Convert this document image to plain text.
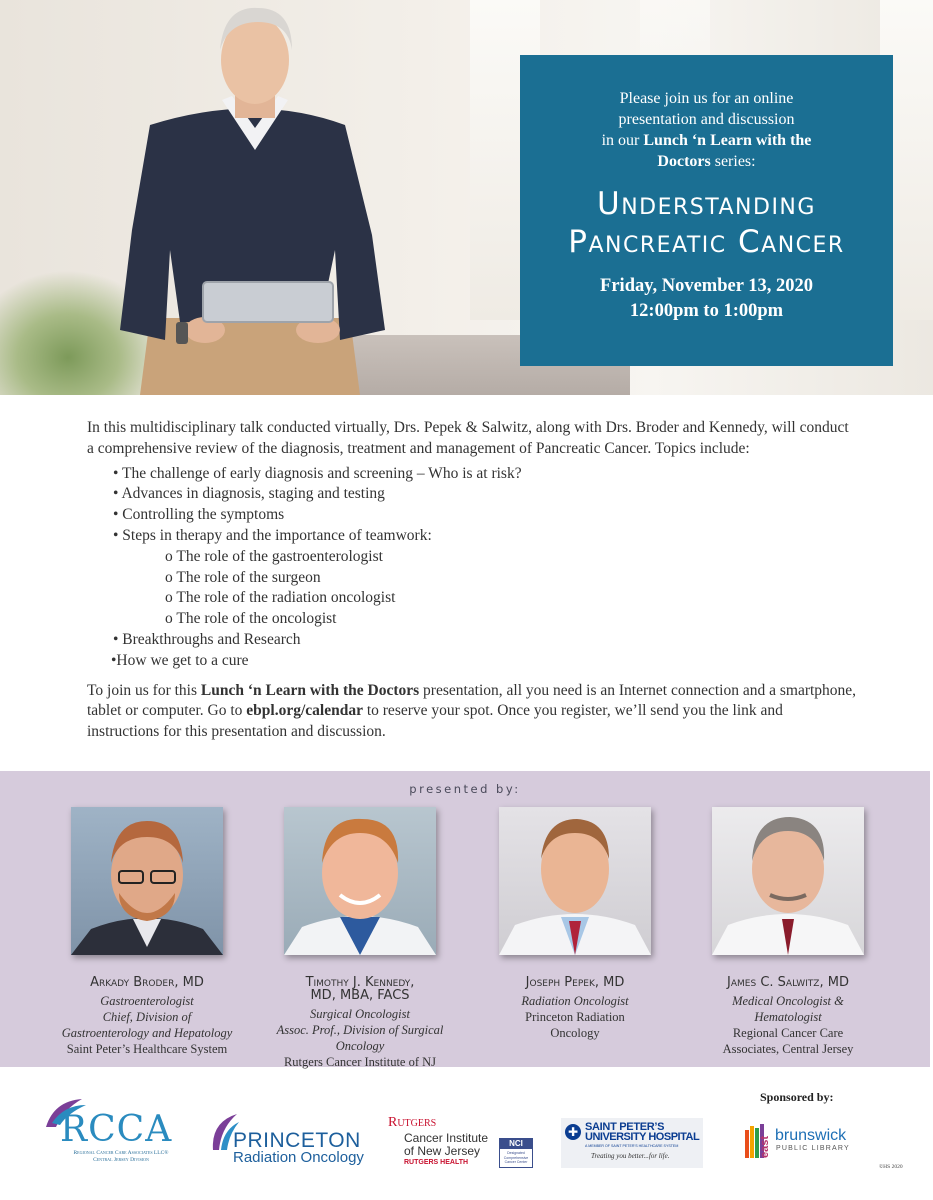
Please join us for an online
presentation and discussion
in our Lunch ‘n Learn with the
Doctors series:
Understanding
Pancreatic Cancer
Friday, November 13, 2020
12:00pm to 1:00pm

In this multidisciplinary talk conducted virtually, Drs. Pepek & Salwitz, along with Drs. Broder and Kennedy, will conduct a comprehensive review of the diagnosis, treatment and management of Pancreatic Cancer. Topics include:

• The challenge of early diagnosis and screening – Who is at risk?
• Advances in diagnosis, staging and testing
• Controlling the symptoms
• Steps in therapy and the importance of teamwork:
o The role of the gastroenterologist
o The role of the surgeon
o The role of the radiation oncologist
o The role of the oncologist
• Breakthroughs and Research
•How we get to a cure

To join us for this Lunch ‘n Learn with the Doctors presentation, all you need is an Internet connection and a smartphone, tablet or computer. Go to ebpl.org/calendar to reserve your spot. Once you register, we’ll send you the link and instructions for this presentation and discussion.

presented by:
Arkady Broder, MD
Gastroenterologist
Chief, Division of
Gastroenterology and Hepatology
Saint Peter’s Healthcare System
Timothy J. Kennedy,
MD, MBA, FACS
Surgical Oncologist
Assoc. Prof., Division of Surgical
Oncology
Rutgers Cancer Institute of NJ
Joseph Pepek, MD
Radiation Oncologist
Princeton Radiation
Oncology
James C. Salwitz, MD
Medical Oncologist &
Hematologist
Regional Cancer Care
Associates, Central Jersey
Sponsored by:
RCCA
Regional Cancer Care Associates LLC®
Central Jersey Division
PRINCETON
Radiation Oncology
Rutgers
Cancer Institute
of New Jersey
RUTGERS HEALTH
NCI
Designated Comprehensive Cancer Center
✚ SAINT PETER’S
UNIVERSITY HOSPITAL
A MEMBER OF SAINT PETER’S HEALTHCARE SYSTEM
Treating you better...for life.	east
brunswick
PUBLIC LIBRARY
©HS 2020
